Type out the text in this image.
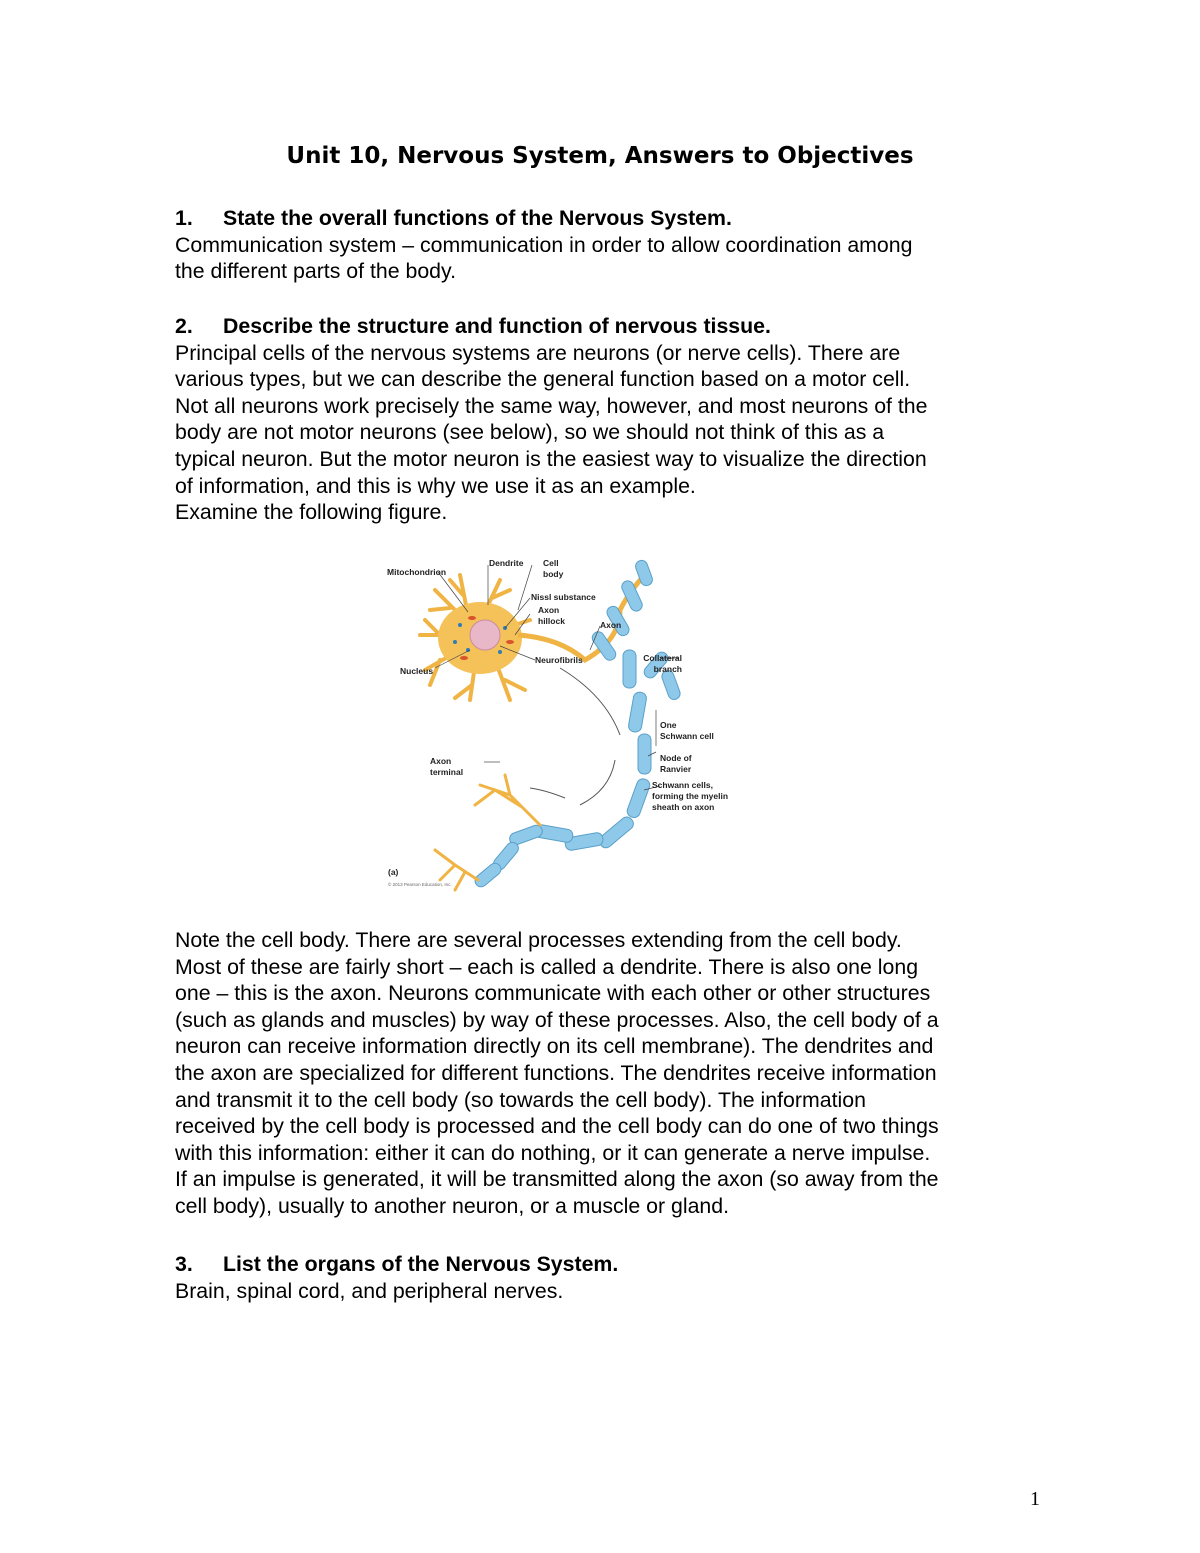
Unit 10, Nervous System, Answers to Objectives
1. State the overall functions of the Nervous System.

Communication system – communication in order to allow coordination among

the different parts of the body.

2. Describe the structure and function of nervous tissue.

Principal cells of the nervous systems are neurons (or nerve cells). There are

various types, but we can describe the general function based on a motor cell.

Not all neurons work precisely the same way, however, and most neurons of the

body are not motor neurons (see below), so we should not think of this as a

typical neuron. But the motor neuron is the easiest way to visualize the direction

of information, and this is why we use it as an example.

Examine the following figure.

Mitochondrion
Dendrite Cell
body
Nissl substance
Axon
hillock	Axon
Nucleus
Neurofibrils	Collateral
branch
One
Schwann cell
Node of
Ranvier
Axon
terminal
Schwann cells,
forming the myelin
sheath on axon
(a)
© 2013 Pearson Education, Inc.

Note the cell body. There are several processes extending from the cell body.

Most of these are fairly short – each is called a dendrite. There is also one long

one – this is the axon. Neurons communicate with each other or other structures

(such as glands and muscles) by way of these processes. Also, the cell body of a

neuron can receive information directly on its cell membrane). The dendrites and

the axon are specialized for different functions. The dendrites receive information

and transmit it to the cell body (so towards the cell body). The information

received by the cell body is processed and the cell body can do one of two things

with this information: either it can do nothing, or it can generate a nerve impulse.

If an impulse is generated, it will be transmitted along the axon (so away from the

cell body), usually to another neuron, or a muscle or gland.

3. List the organs of the Nervous System.

Brain, spinal cord, and peripheral nerves.

1
